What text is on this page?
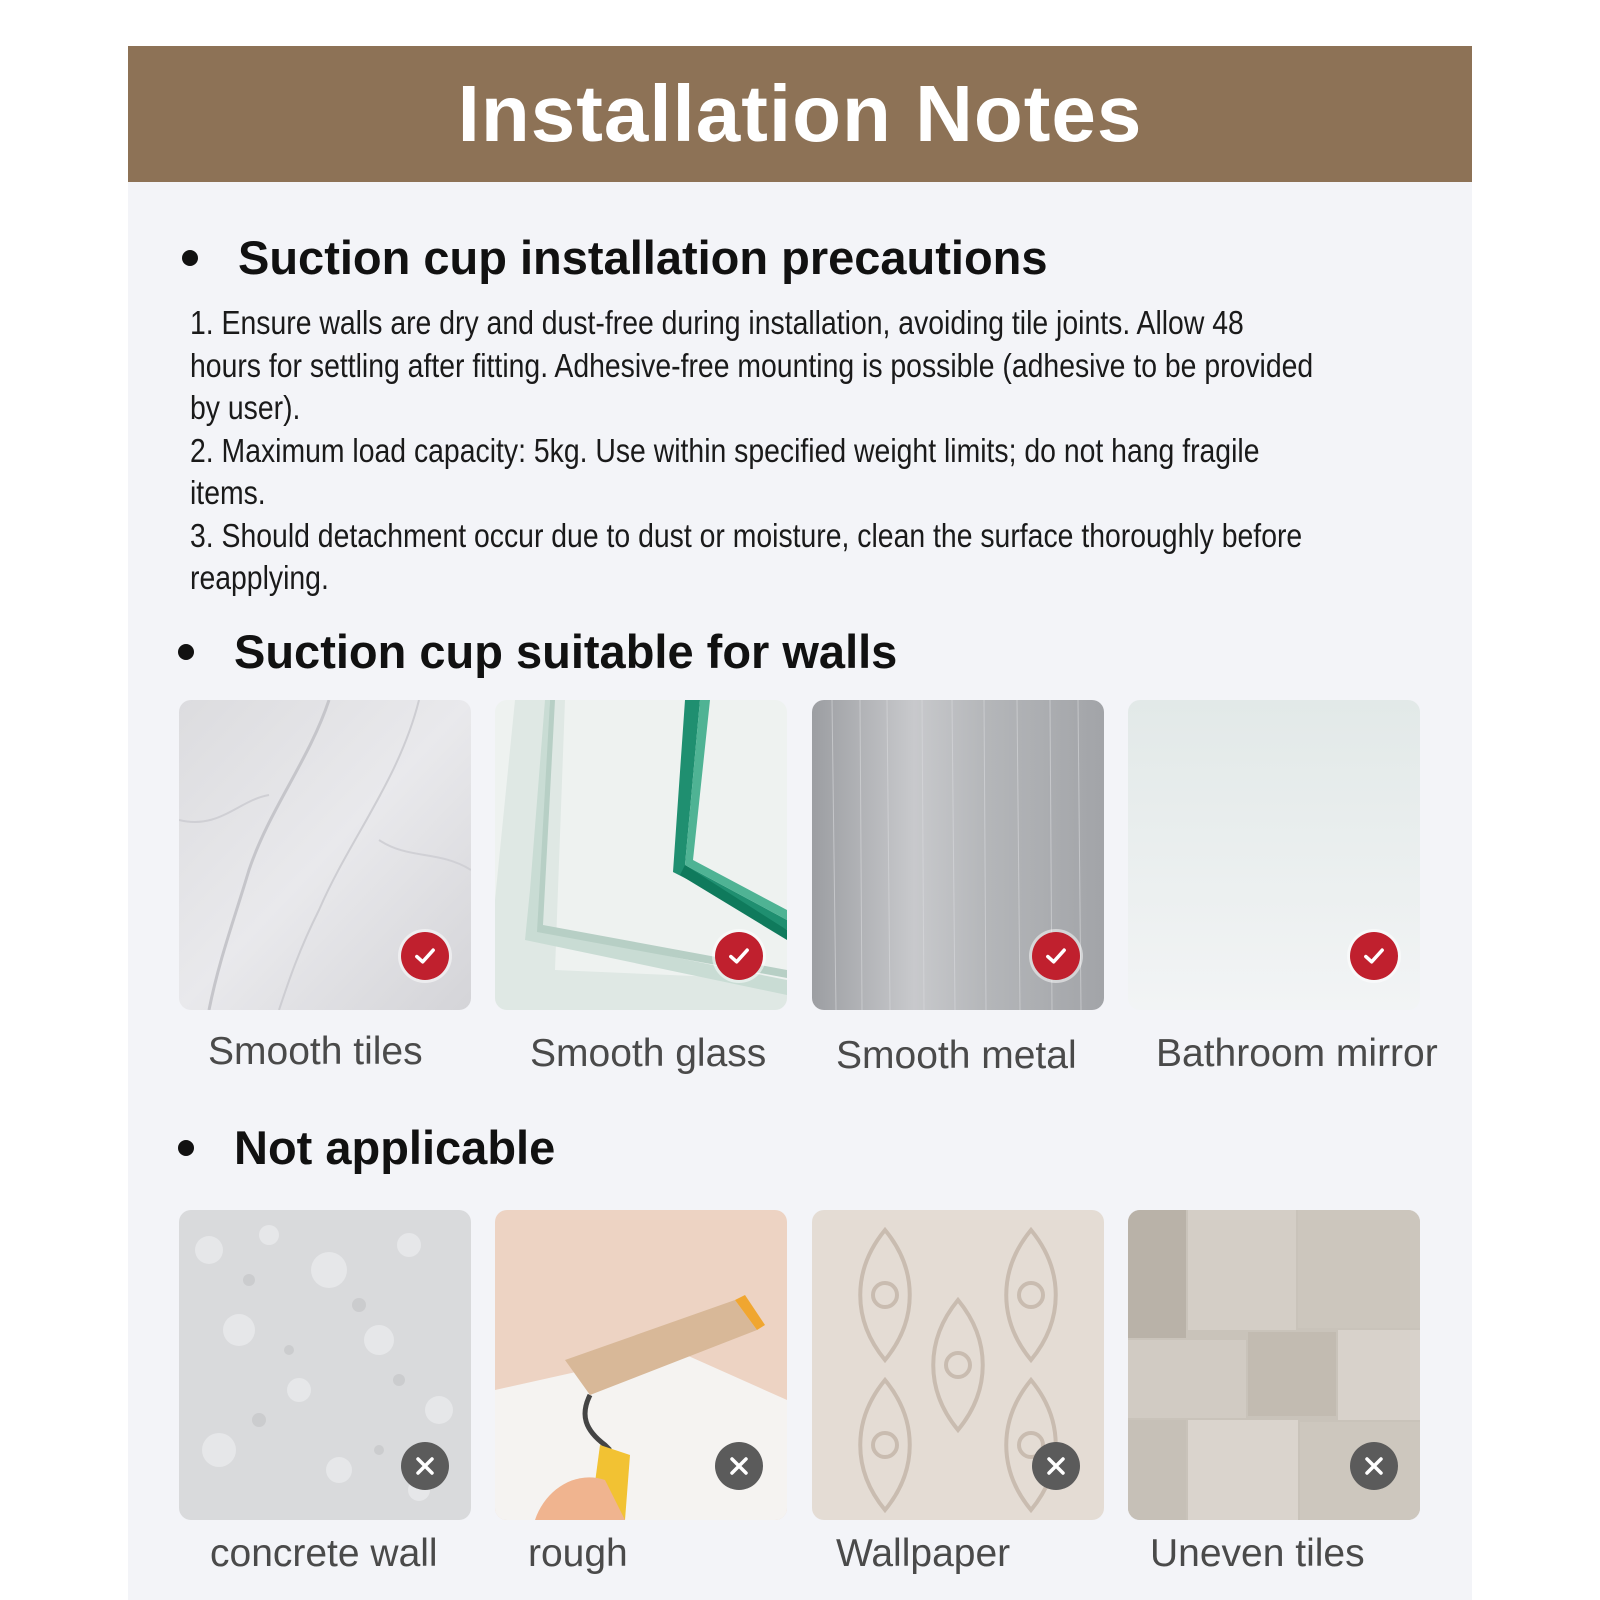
Installation Notes
Suction cup installation precautions

1. Ensure walls are dry and dust-free during installation, avoiding tile joints. Allow 48

hours for settling after fitting. Adhesive-free mounting is possible (adhesive to be provided

by user).

2. Maximum load capacity: 5kg. Use within specified weight limits; do not hang fragile

items.

3. Should detachment occur due to dust or moisture, clean the surface thoroughly before

reapplying.

Suction cup suitable for walls
Smooth tiles	Smooth glass Smooth metal Bathroom mirror
Not applicable
concrete wall rough	Wallpaper	Uneven tiles
